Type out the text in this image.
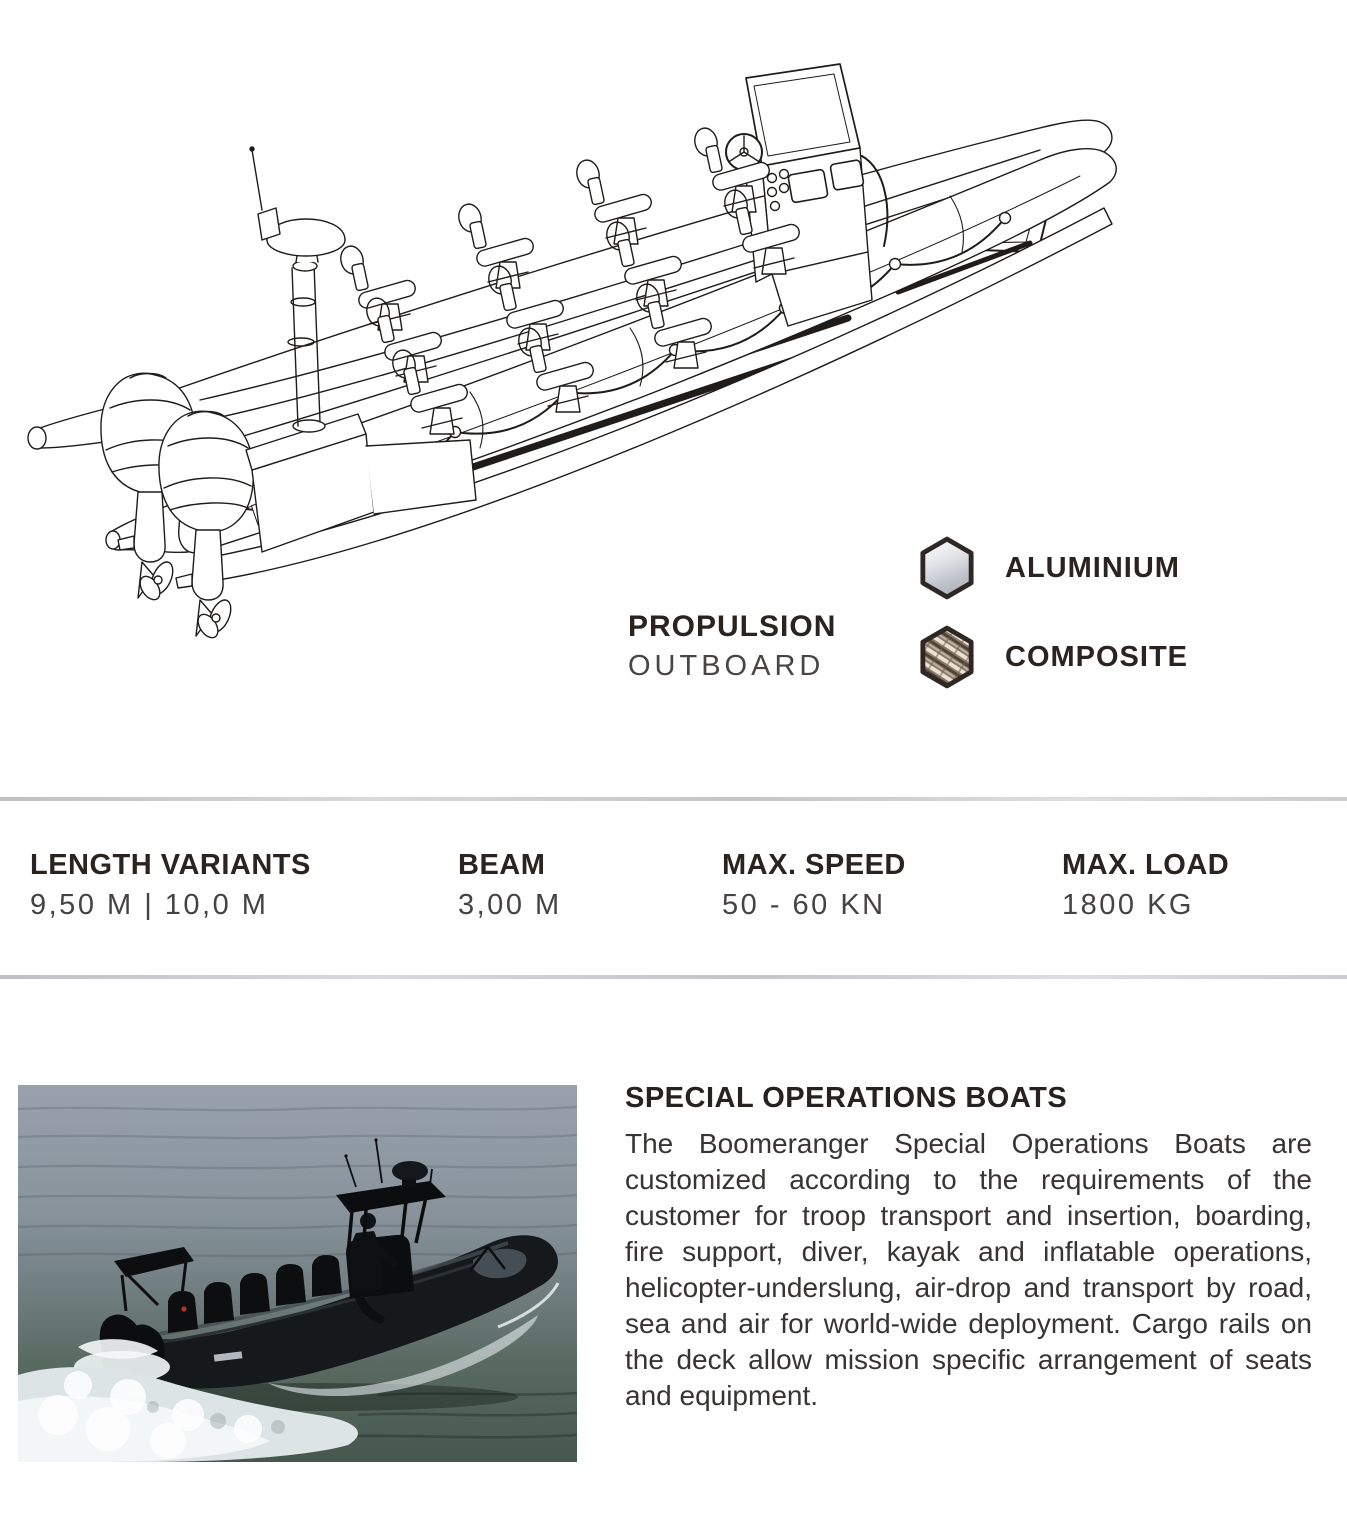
PROPULSION
OUTBOARD
ALUMINIUM
COMPOSITE
LENGTH VARIANTS
9,50 M | 10,0 M
BEAM
3,00 M
MAX. SPEED
50 - 60 KN
MAX. LOAD
1800 KG
SPECIAL OPERATIONS BOATS
The Boomeranger Special Operations Boats are customized according to the requirements of the customer for troop transport and insertion, boarding, fire support, diver, kayak and inflatable operations, helicopter-underslung, air-drop and transport by road, sea and air for world-wide deployment. Cargo rails on the deck allow mission specific arrangement of seats and equipment.
